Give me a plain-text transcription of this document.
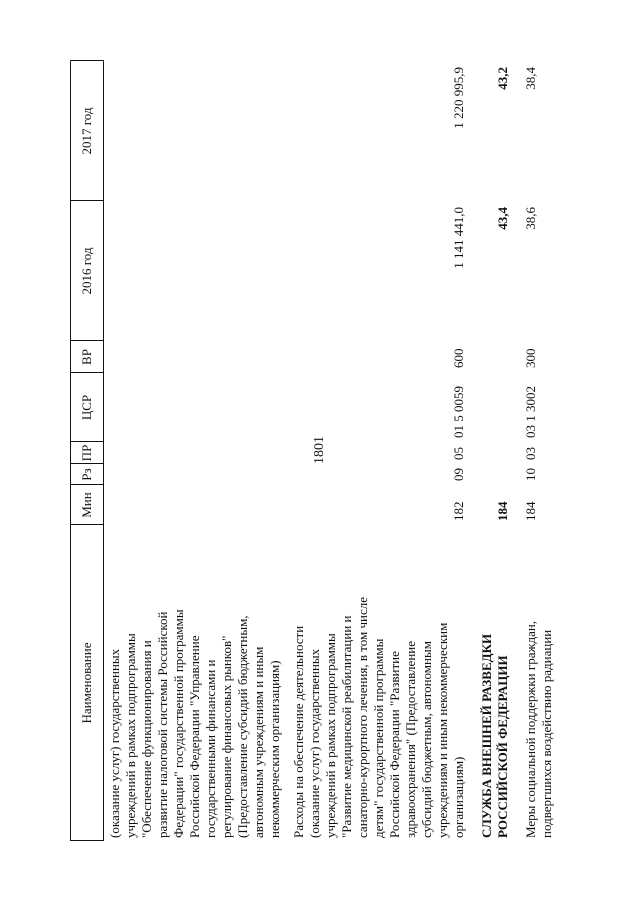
1801
Наименование
Мин
Рз
ПР
ЦСР
ВР
2016 год
2017 год
(оказание услуг) государственных учреждений в рамках подпрограммы "Обеспечение функционирования и развитие налоговой системы Российской Федерации" государственной программы Российской Федерации "Управление государственными финансами и регулирование финансовых рынков" (Предоставление субсидий бюджетным, автономным учреждениям и иным некоммерческим организациям) Расходы на обеспечение деятельности (оказание услуг) государственных учреждений в рамках подпрограммы "Развитие медицинской реабилитации и санаторно-курортного лечения, в том числе детям" государственной программы Российской Федерации "Развитие здравоохранения" (Предоставление субсидий бюджетным, автономным учреждениям и иным некоммерческим организациям)
182
09
05
01 5 0059
600
1 141 441,0
1 220 995,9
СЛУЖБА ВНЕШНЕЙ РАЗВЕДКИ РОССИЙСКОЙ ФЕДЕРАЦИИ
184
43,4
43,2
Меры социальной поддержки граждан, подвергшихся воздействию радиации
184
10
03
03 1 3002
300
38,6
38,4
